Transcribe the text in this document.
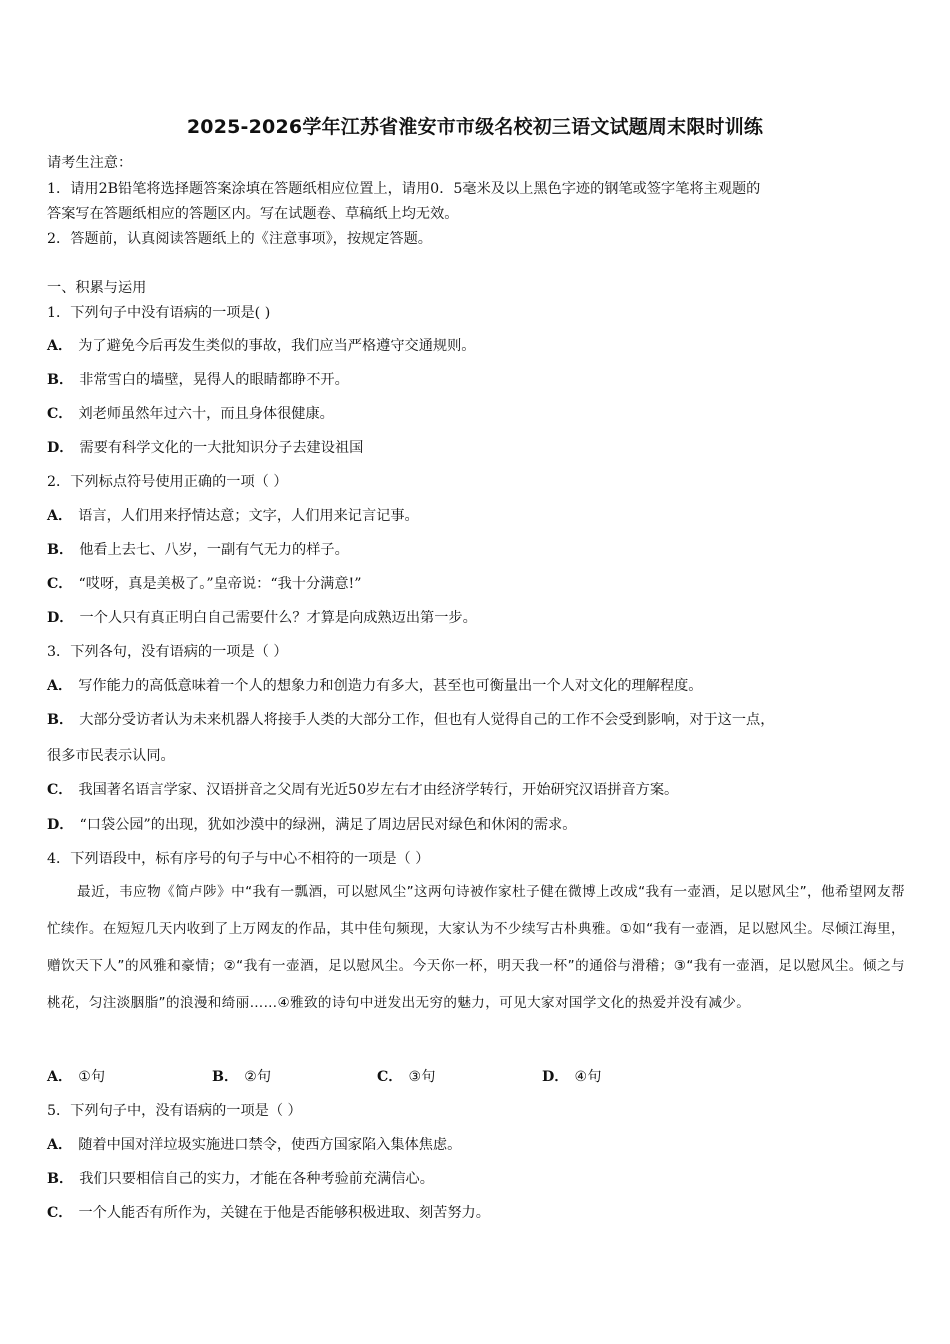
2025-2026学年江苏省淮安市市级名校初三语文试题周末限时训练
请考生注意：
1．请用2B铅笔将选择题答案涂填在答题纸相应位置上，请用0．5毫米及以上黑色字迹的钢笔或签字笔将主观题的
答案写在答题纸相应的答题区内。写在试题卷、草稿纸上均无效。
2．答题前，认真阅读答题纸上的《注意事项》，按规定答题。
一、积累与运用
1．下列句子中没有语病的一项是( )
A． 为了避免今后再发生类似的事故，我们应当严格遵守交通规则。
B． 非常雪白的墙壁，晃得人的眼睛都睁不开。
C． 刘老师虽然年过六十，而且身体很健康。
D． 需要有科学文化的一大批知识分子去建设祖国
2．下列标点符号使用正确的一项（ ）
A． 语言，人们用来抒情达意；文字，人们用来记言记事。
B． 他看上去七、八岁，一副有气无力的样子。
C． “哎呀，真是美极了。”皇帝说：“我十分满意!”
D． 一个人只有真正明白自己需要什么？才算是向成熟迈出第一步。
3．下列各句，没有语病的一项是（ ）
A． 写作能力的高低意味着一个人的想象力和创造力有多大，甚至也可衡量出一个人对文化的理解程度。
B． 大部分受访者认为未来机器人将接手人类的大部分工作，但也有人觉得自己的工作不会受到影响，对于这一点，
很多市民表示认同。
C． 我国著名语言学家、汉语拼音之父周有光近50岁左右才由经济学转行，开始研究汉语拼音方案。
D． “口袋公园”的出现，犹如沙漠中的绿洲，满足了周边居民对绿色和休闲的需求。
4．下列语段中，标有序号的句子与中心不相符的一项是（ ）
最近，韦应物《简卢陟》中“我有一瓢酒，可以慰风尘”这两句诗被作家杜子健在微博上改成“我有一壶酒，足以慰风尘”，他希望网友帮忙续作。在短短几天内收到了上万网友的作品，其中佳句频现，大家认为不少续写古朴典雅。①如“我有一壶酒，足以慰风尘。尽倾江海里，赠饮天下人”的风雅和豪情；②“我有一壶酒，足以慰风尘。今天你一杯，明天我一杯”的通俗与滑稽；③“我有一壶酒，足以慰风尘。倾之与桃花，匀注淡胭脂”的浪漫和绮丽……④雅致的诗句中迸发出无穷的魅力，可见大家对国学文化的热爱并没有减少。
A． ①句	B． ②句	C． ③句	D． ④句
5．下列句子中，没有语病的一项是（ ）
A． 随着中国对洋垃圾实施进口禁令，使西方国家陷入集体焦虑。
B． 我们只要相信自己的实力，才能在各种考验前充满信心。
C． 一个人能否有所作为，关键在于他是否能够积极进取、刻苦努力。
